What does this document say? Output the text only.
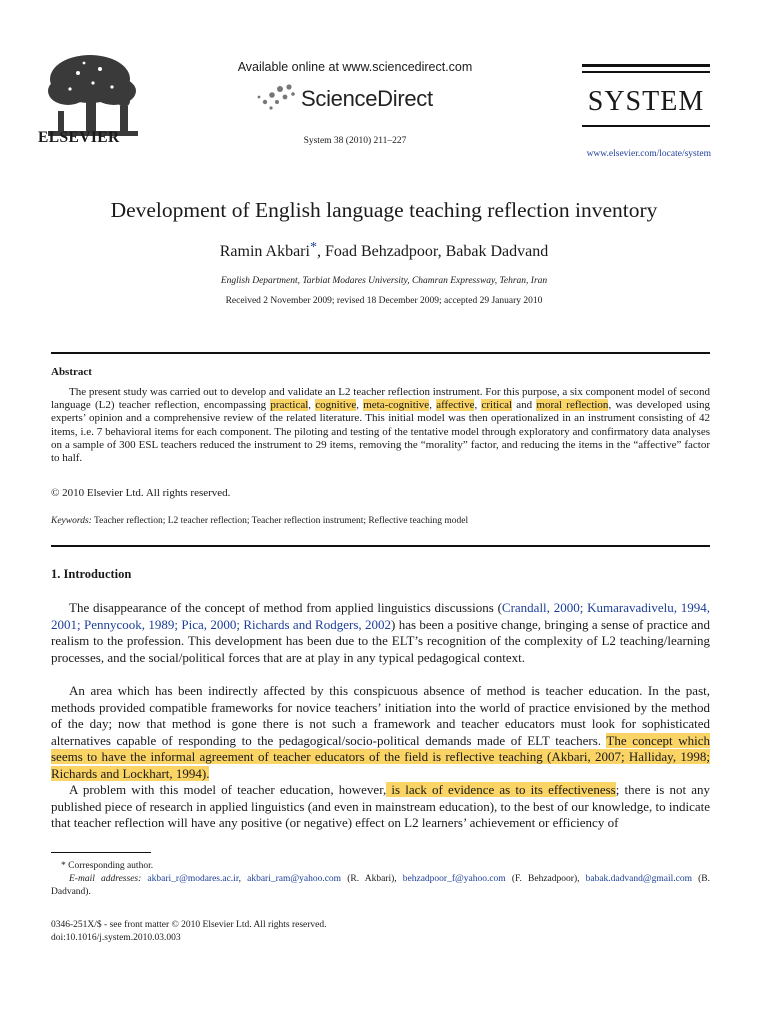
ELSEVIER
Available online at www.sciencedirect.com
ScienceDirect
System 38 (2010) 211–227
SYSTEM
www.elsevier.com/locate/system
Development of English language teaching reflection inventory
Ramin Akbari*, Foad Behzadpoor, Babak Dadvand
English Department, Tarbiat Modares University, Chamran Expressway, Tehran, Iran
Received 2 November 2009; revised 18 December 2009; accepted 29 January 2010
Abstract
The present study was carried out to develop and validate an L2 teacher reflection instrument. For this purpose, a six component model of second language (L2) teacher reflection, encompassing practical, cognitive, meta-cognitive, affective, critical and moral reflection, was developed using experts’ opinion and a comprehensive review of the related literature. This initial model was then operationalized in an instrument consisting of 42 items, i.e. 7 behavioral items for each component. The piloting and testing of the tentative model through exploratory and confirmatory data analyses on a sample of 300 ESL teachers reduced the instrument to 29 items, removing the “morality” factor, and reducing the items in the “affective” factor to half.
© 2010 Elsevier Ltd. All rights reserved.
Keywords: Teacher reflection; L2 teacher reflection; Teacher reflection instrument; Reflective teaching model
1. Introduction
The disappearance of the concept of method from applied linguistics discussions (Crandall, 2000; Kumaravadivelu, 1994, 2001; Pennycook, 1989; Pica, 2000; Richards and Rodgers, 2002) has been a positive change, bringing a sense of practice and realism to the profession. This development has been due to the ELT’s recognition of the complexity of L2 teaching/learning processes, and the social/political forces that are at play in any typical pedagogical context.
An area which has been indirectly affected by this conspicuous absence of method is teacher education. In the past, methods provided compatible frameworks for novice teachers’ initiation into the world of practice envisioned by the method of the day; now that method is gone there is not such a framework and teacher educators must look for sophisticated alternatives capable of responding to the pedagogical/socio-political demands made of ELT teachers. The concept which seems to have the informal agreement of teacher educators of the field is reflective teaching (Akbari, 2007; Halliday, 1998; Richards and Lockhart, 1994).
A problem with this model of teacher education, however, is lack of evidence as to its effectiveness; there is not any published piece of research in applied linguistics (and even in mainstream education), to the best of our knowledge, to indicate that teacher reflection will have any positive (or negative) effect on L2 learners’ achievement or efficiency of
* Corresponding author.
E-mail addresses: akbari_r@modares.ac.ir, akbari_ram@yahoo.com (R. Akbari), behzadpoor_f@yahoo.com (F. Behzadpoor), babak.dadvand@gmail.com (B. Dadvand).
0346-251X/$ - see front matter © 2010 Elsevier Ltd. All rights reserved.
doi:10.1016/j.system.2010.03.003
